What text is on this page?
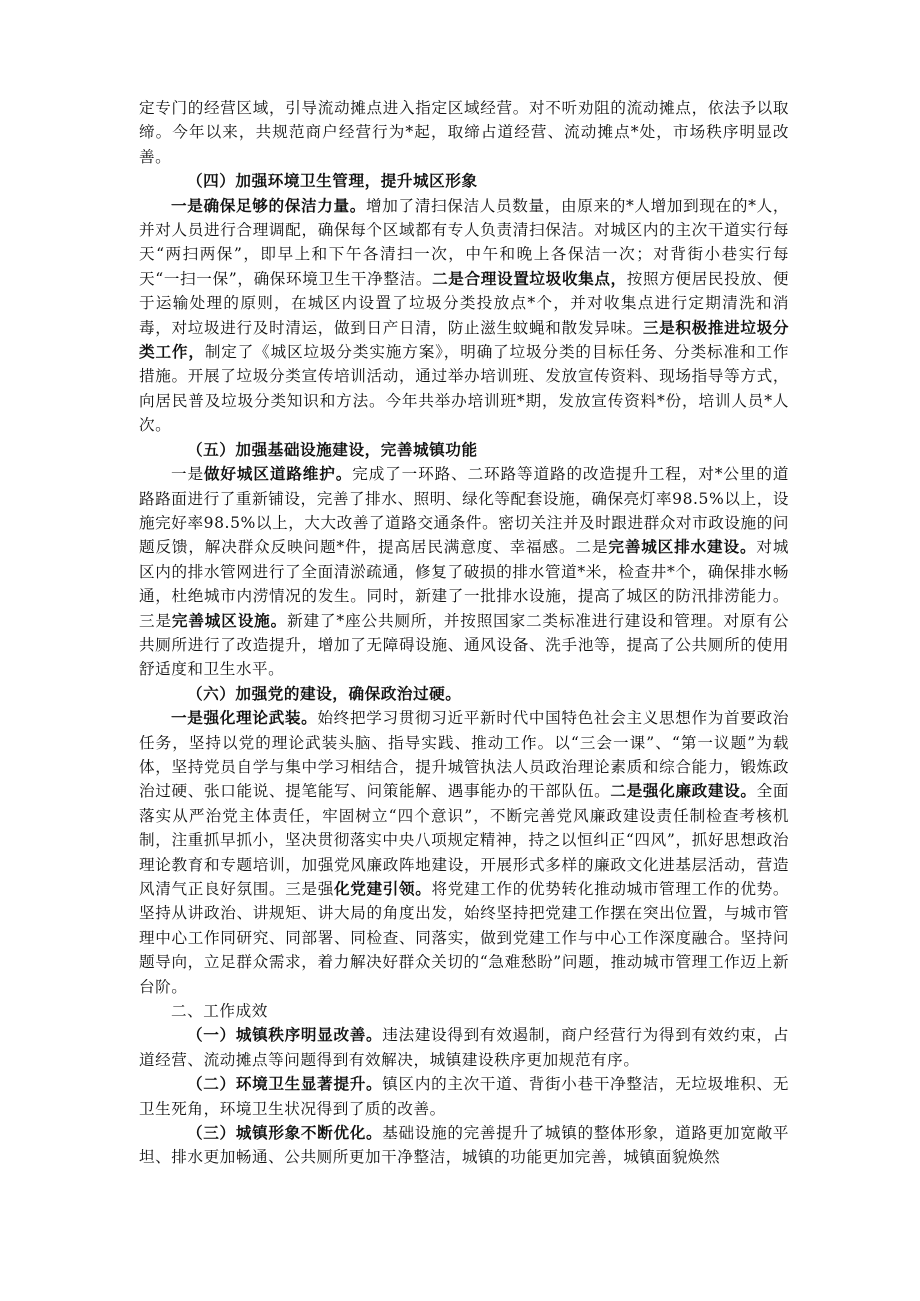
定专门的经营区域，引导流动摊点进入指定区域经营。对不听劝阻的流动摊点，依法予以取缔。今年以来，共规范商户经营行为*起，取缔占道经营、流动摊点*处，市场秩序明显改善。

（四）加强环境卫生管理，提升城区形象

一是确保足够的保洁力量。增加了清扫保洁人员数量，由原来的*人增加到现在的*人，并对人员进行合理调配，确保每个区域都有专人负责清扫保洁。对城区内的主次干道实行每天“两扫两保”，即早上和下午各清扫一次，中午和晚上各保洁一次；对背街小巷实行每天“一扫一保”，确保环境卫生干净整洁。二是合理设置垃圾收集点，按照方便居民投放、便于运输处理的原则，在城区内设置了垃圾分类投放点*个，并对收集点进行定期清洗和消毒，对垃圾进行及时清运，做到日产日清，防止滋生蚊蝇和散发异味。三是积极推进垃圾分类工作，制定了《城区垃圾分类实施方案》，明确了垃圾分类的目标任务、分类标准和工作措施。开展了垃圾分类宣传培训活动，通过举办培训班、发放宣传资料、现场指导等方式，向居民普及垃圾分类知识和方法。今年共举办培训班*期，发放宣传资料*份，培训人员*人次。

（五）加强基础设施建设，完善城镇功能

一是做好城区道路维护。完成了一环路、二环路等道路的改造提升工程，对*公里的道路路面进行了重新铺设，完善了排水、照明、绿化等配套设施，确保亮灯率98.5%以上，设施完好率98.5%以上，大大改善了道路交通条件。密切关注并及时跟进群众对市政设施的问题反馈，解决群众反映问题*件，提高居民满意度、幸福感。二是完善城区排水建设。对城区内的排水管网进行了全面清淤疏通，修复了破损的排水管道*米，检查井*个，确保排水畅通，杜绝城市内涝情况的发生。同时，新建了一批排水设施，提高了城区的防汛排涝能力。三是完善城区设施。新建了*座公共厕所，并按照国家二类标准进行建设和管理。对原有公共厕所进行了改造提升，增加了无障碍设施、通风设备、洗手池等，提高了公共厕所的使用舒适度和卫生水平。

（六）加强党的建设，确保政治过硬。

一是强化理论武装。始终把学习贯彻习近平新时代中国特色社会主义思想作为首要政治任务，坚持以党的理论武装头脑、指导实践、推动工作。以“三会一课”、“第一议题”为载体，坚持党员自学与集中学习相结合，提升城管执法人员政治理论素质和综合能力，锻炼政治过硬、张口能说、提笔能写、问策能解、遇事能办的干部队伍。二是强化廉政建设。全面落实从严治党主体责任，牢固树立“四个意识”，不断完善党风廉政建设责任制检查考核机制，注重抓早抓小，坚决贯彻落实中央八项规定精神，持之以恒纠正“四风”，抓好思想政治理论教育和专题培训，加强党风廉政阵地建设，开展形式多样的廉政文化进基层活动，营造风清气正良好氛围。三是强化党建引领。将党建工作的优势转化推动城市管理工作的优势。坚持从讲政治、讲规矩、讲大局的角度出发，始终坚持把党建工作摆在突出位置，与城市管理中心工作同研究、同部署、同检查、同落实，做到党建工作与中心工作深度融合。坚持问题导向，立足群众需求，着力解决好群众关切的“急难愁盼”问题，推动城市管理工作迈上新台阶。

二、工作成效

（一）城镇秩序明显改善。违法建设得到有效遏制，商户经营行为得到有效约束，占道经营、流动摊点等问题得到有效解决，城镇建设秩序更加规范有序。

（二）环境卫生显著提升。镇区内的主次干道、背街小巷干净整洁，无垃圾堆积、无卫生死角，环境卫生状况得到了质的改善。

（三）城镇形象不断优化。基础设施的完善提升了城镇的整体形象，道路更加宽敞平坦、排水更加畅通、公共厕所更加干净整洁，城镇的功能更加完善，城镇面貌焕然
